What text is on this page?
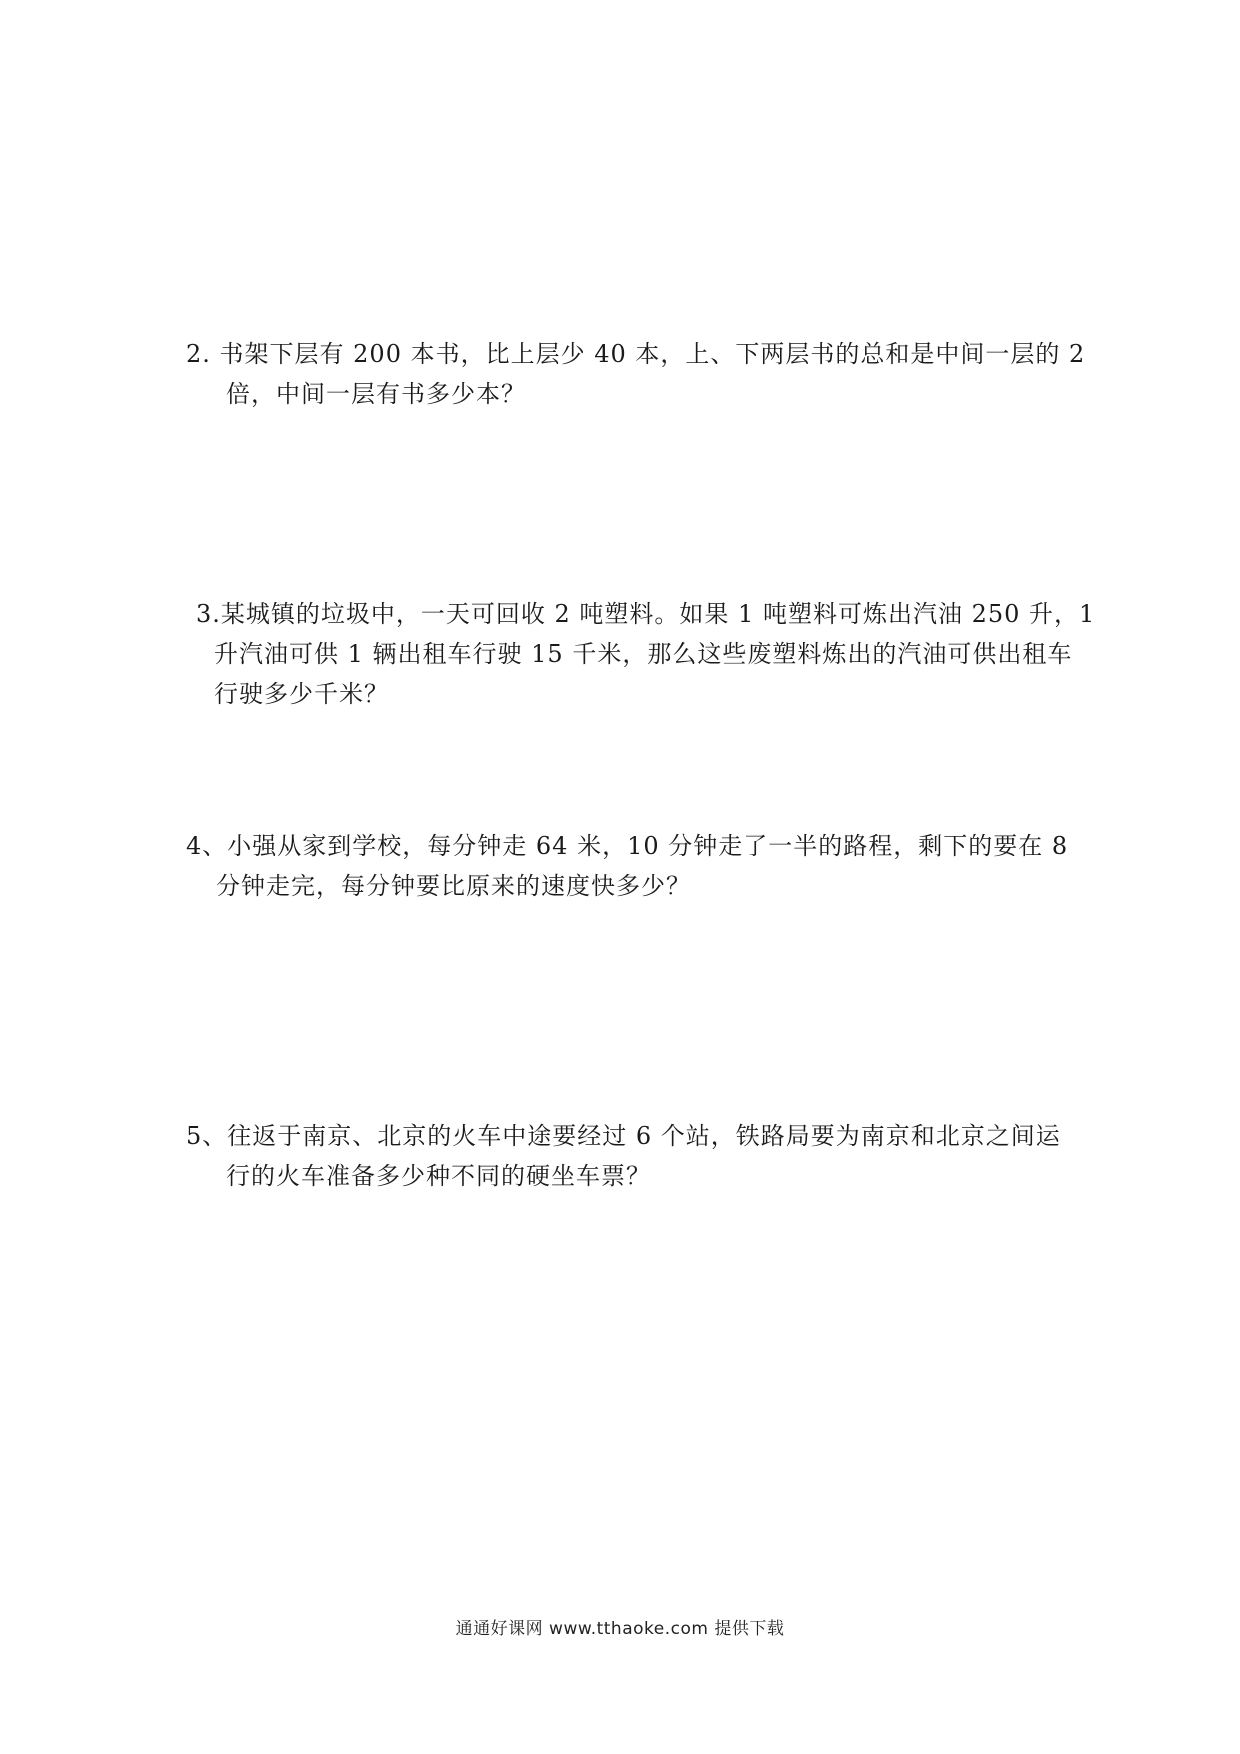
2. 书架下层有 200 本书，比上层少 40 本，上、下两层书的总和是中间一层的 2
倍，中间一层有书多少本？
3.某城镇的垃圾中，一天可回收 2 吨塑料。如果 1 吨塑料可炼出汽油 250 升，1
升汽油可供 1 辆出租车行驶 15 千米，那么这些废塑料炼出的汽油可供出租车
行驶多少千米？
4、小强从家到学校，每分钟走 64 米，10 分钟走了一半的路程，剩下的要在 8
分钟走完，每分钟要比原来的速度快多少？
5、往返于南京、北京的火车中途要经过 6 个站，铁路局要为南京和北京之间运
行的火车准备多少种不同的硬坐车票？
通通好课网 www.tthaoke.com 提供下载
